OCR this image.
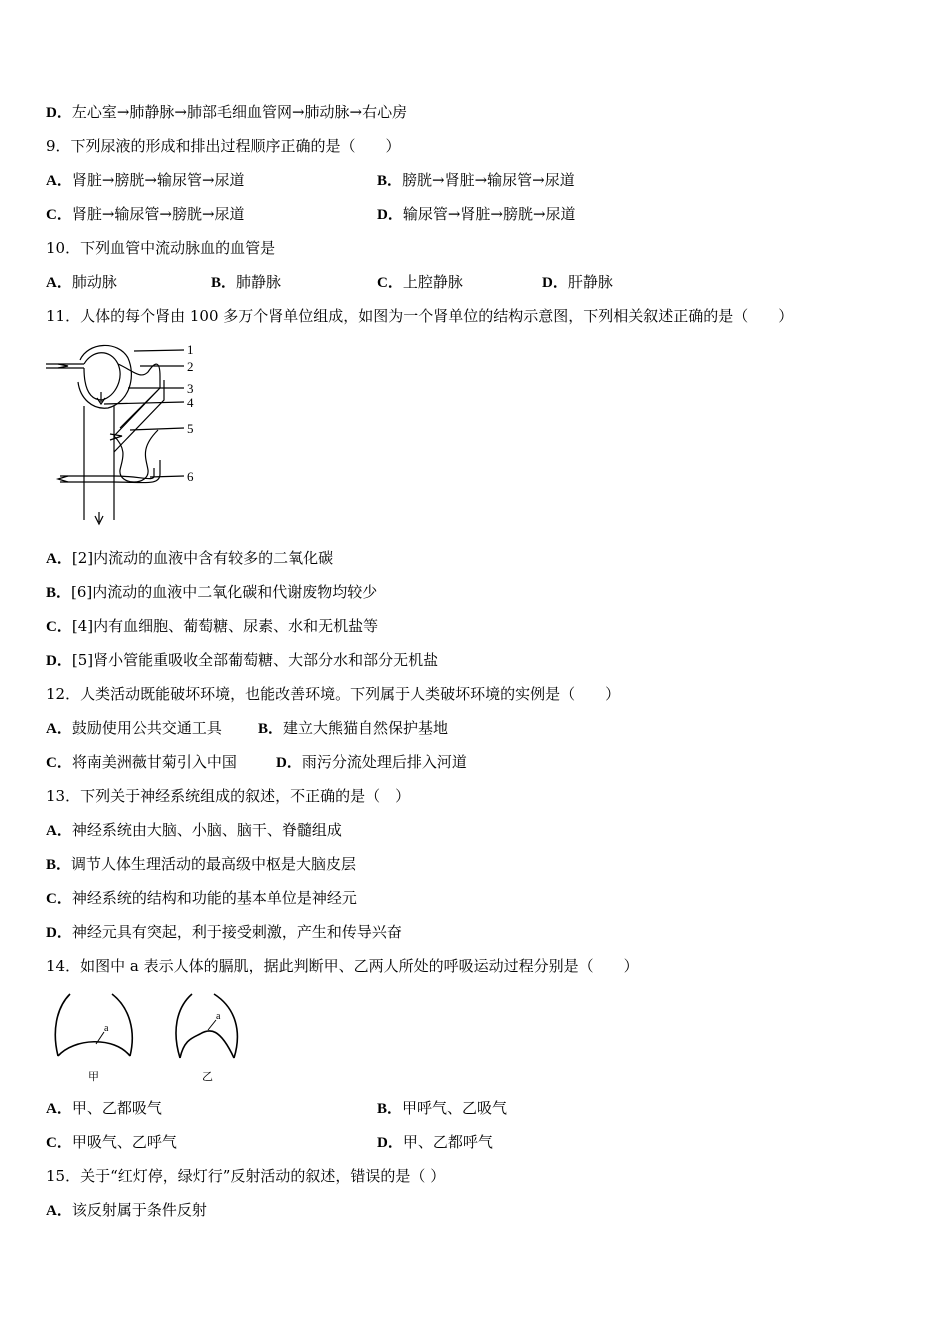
D．左心室→肺静脉→肺部毛细血管网→肺动脉→右心房
9．下列尿液的形成和排出过程顺序正确的是（　　）
A．肾脏→膀胱→输尿管→尿道	B．膀胱→肾脏→输尿管→尿道
C．肾脏→输尿管→膀胱→尿道	D．输尿管→肾脏→膀胱→尿道
10．下列血管中流动脉血的血管是
A．肺动脉	B．肺静脉	C．上腔静脉	D．肝静脉
11．人体的每个肾由 100 多万个肾单位组成，如图为一个肾单位的结构示意图，下列相关叙述正确的是（　　）
1
2
3
4
5
6
A．[2]内流动的血液中含有较多的二氧化碳
B．[6]内流动的血液中二氧化碳和代谢废物均较少
C．[4]内有血细胞、葡萄糖、尿素、水和无机盐等
D．[5]肾小管能重吸收全部葡萄糖、大部分水和部分无机盐
12．人类活动既能破坏环境，也能改善环境。下列属于人类破坏环境的实例是（　　）
A．鼓励使用公共交通工具 B．建立大熊猫自然保护基地
C．将南美洲薇甘菊引入中国	D．雨污分流处理后排入河道
13．下列关于神经系统组成的叙述，不正确的是（　）
A．神经系统由大脑、小脑、脑干、脊髓组成
B．调节人体生理活动的最高级中枢是大脑皮层
C．神经系统的结构和功能的基本单位是神经元
D．神经元具有突起，利于接受刺激，产生和传导兴奋
14．如图中 a 表示人体的膈肌，据此判断甲、乙两人所处的呼吸运动过程分别是（　　）
a
a
甲	乙
A．甲、乙都吸气	B．甲呼气、乙吸气
C．甲吸气、乙呼气	D．甲、乙都呼气
15．关于“红灯停，绿灯行”反射活动的叙述，错误的是（ ）
A．该反射属于条件反射
